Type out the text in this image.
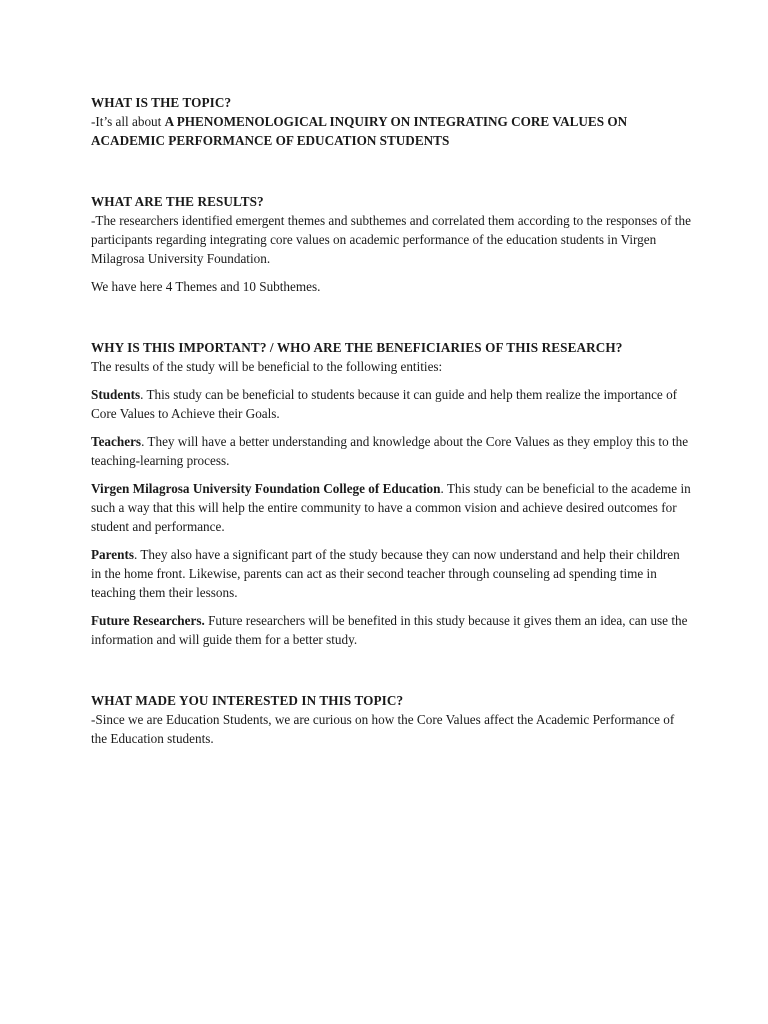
WHAT IS THE TOPIC?

-It’s all about A PHENOMENOLOGICAL INQUIRY ON INTEGRATING CORE VALUES ON ACADEMIC PERFORMANCE OF EDUCATION STUDENTS

WHAT ARE THE RESULTS?

-The researchers identified emergent themes and subthemes and correlated them according to the responses of the participants regarding integrating core values on academic performance of the education students in Virgen Milagrosa University Foundation.

We have here 4 Themes and 10 Subthemes.

WHY IS THIS IMPORTANT? / WHO ARE THE BENEFICIARIES OF THIS RESEARCH?

The results of the study will be beneficial to the following entities:

Students. This study can be beneficial to students because it can guide and help them realize the importance of Core Values to Achieve their Goals.

Teachers. They will have a better understanding and knowledge about the Core Values as they employ this to the teaching-learning process.

Virgen Milagrosa University Foundation College of Education. This study can be beneficial to the academe in such a way that this will help the entire community to have a common vision and achieve desired outcomes for student and performance.

Parents. They also have a significant part of the study because they can now understand and help their children in the home front. Likewise, parents can act as their second teacher through counseling ad spending time in teaching them their lessons.

Future Researchers. Future researchers will be benefited in this study because it gives them an idea, can use the information and will guide them for a better study.

WHAT MADE YOU INTERESTED IN THIS TOPIC?

-Since we are Education Students, we are curious on how the Core Values affect the Academic Performance of the Education students.
